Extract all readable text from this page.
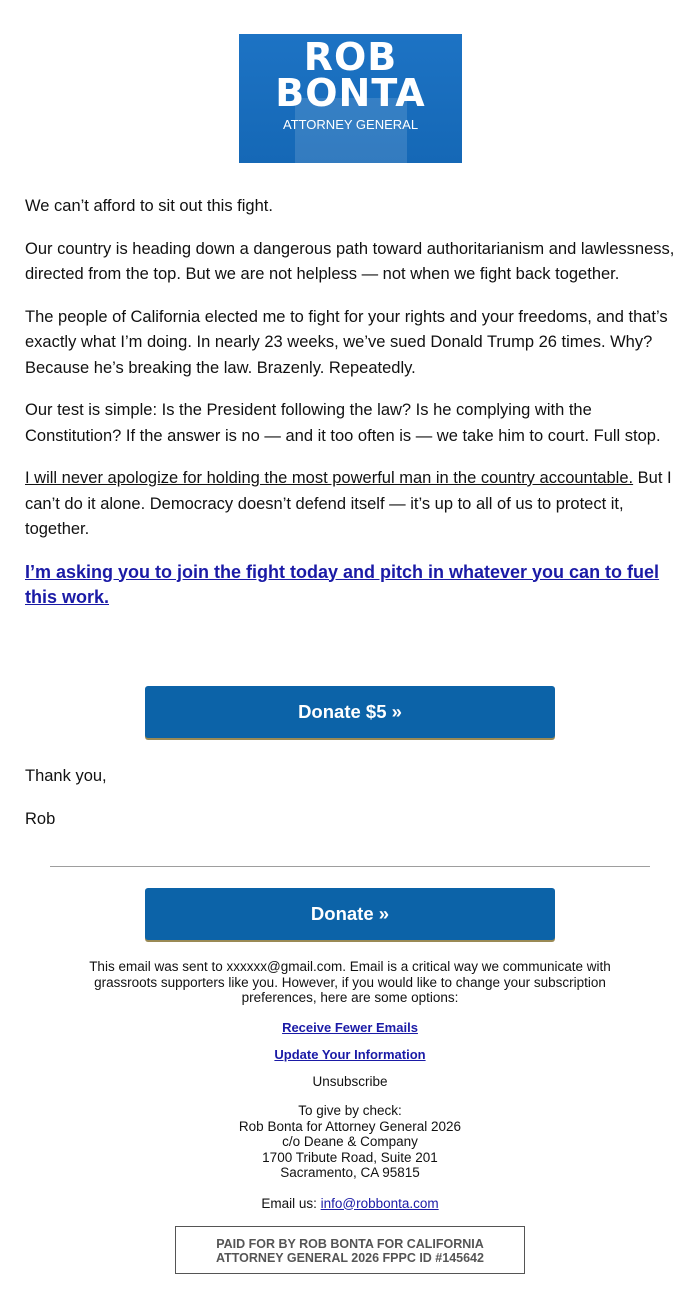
ROB
BONTA
ATTORNEY GENERAL

We can’t afford to sit out this fight.

Our country is heading down a dangerous path toward authoritarianism and lawlessness, directed from the top. But we are not helpless — not when we fight back together.

The people of California elected me to fight for your rights and your freedoms, and that’s exactly what I’m doing. In nearly 23 weeks, we’ve sued Donald Trump 26 times. Why? Because he’s breaking the law. Brazenly. Repeatedly.

Our test is simple: Is the President following the law? Is he complying with the Constitution? If the answer is no — and it too often is — we take him to court. Full stop.

I will never apologize for holding the most powerful man in the country accountable. But I can’t do it alone. Democracy doesn’t defend itself — it’s up to all of us to protect it, together.

I’m asking you to join the fight today and pitch in whatever you can to fuel this work.
Donate $5 »
Thank you,
Rob
Donate »

This email was sent to xxxxxx@gmail.com. Email is a critical way we communicate with grassroots supporters like you. However, if you would like to change your subscription preferences, here are some options:

Receive Fewer Emails
Update Your Information
Unsubscribe
To give by check:
Rob Bonta for Attorney General 2026
c/o Deane & Company
1700 Tribute Road, Suite 201
Sacramento, CA 95815
Email us: info@robbonta.com
PAID FOR BY ROB BONTA FOR CALIFORNIA
ATTORNEY GENERAL 2026 FPPC ID #145642
